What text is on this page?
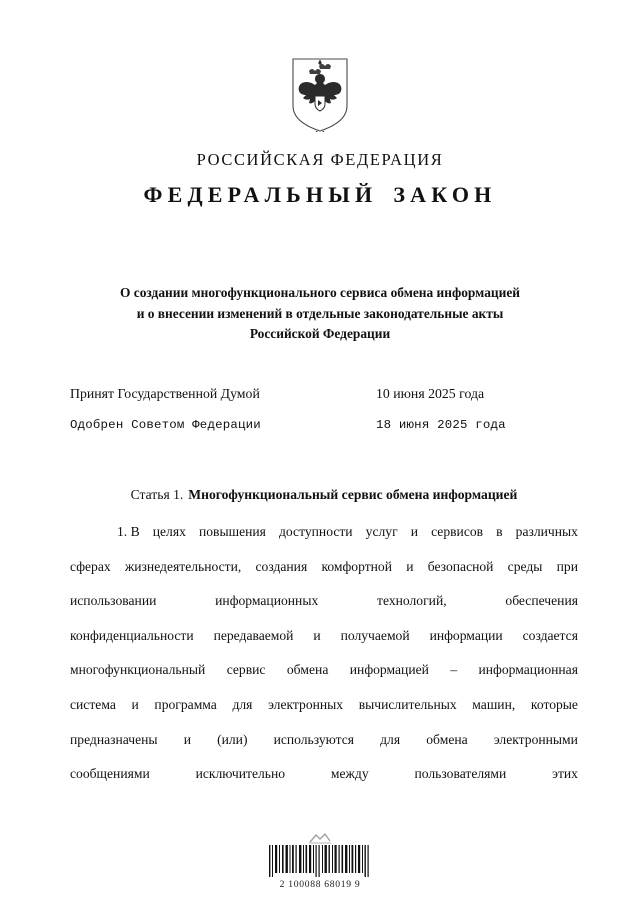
РОССИЙСКАЯ ФЕДЕРАЦИЯ
ФЕДЕРАЛЬНЫЙ ЗАКОН
О создании многофункционального сервиса обмена информацией
и о внесении изменений в отдельные законодательные акты
Российской Федерации
Принят Государственной Думой	10 июня 2025 года
Одобрен Советом Федерации	18 июня 2025 года
Статья 1. Многофункциональный сервис обмена информацией
1. В целях повышения доступности услуг и сервисов в различных
сферах жизнедеятельности, создания комфортной и безопасной среды при
использовании	информационных	технологий,	обеспечения
конфиденциальности передаваемой и получаемой информации создается
многофункциональный сервис обмена информацией – информационная
система и программа для электронных вычислительных машин, которые
предназначены и (или) используются для обмена электронными
сообщениями	исключительно	между	пользователями	этих
2 100088 68019 9
